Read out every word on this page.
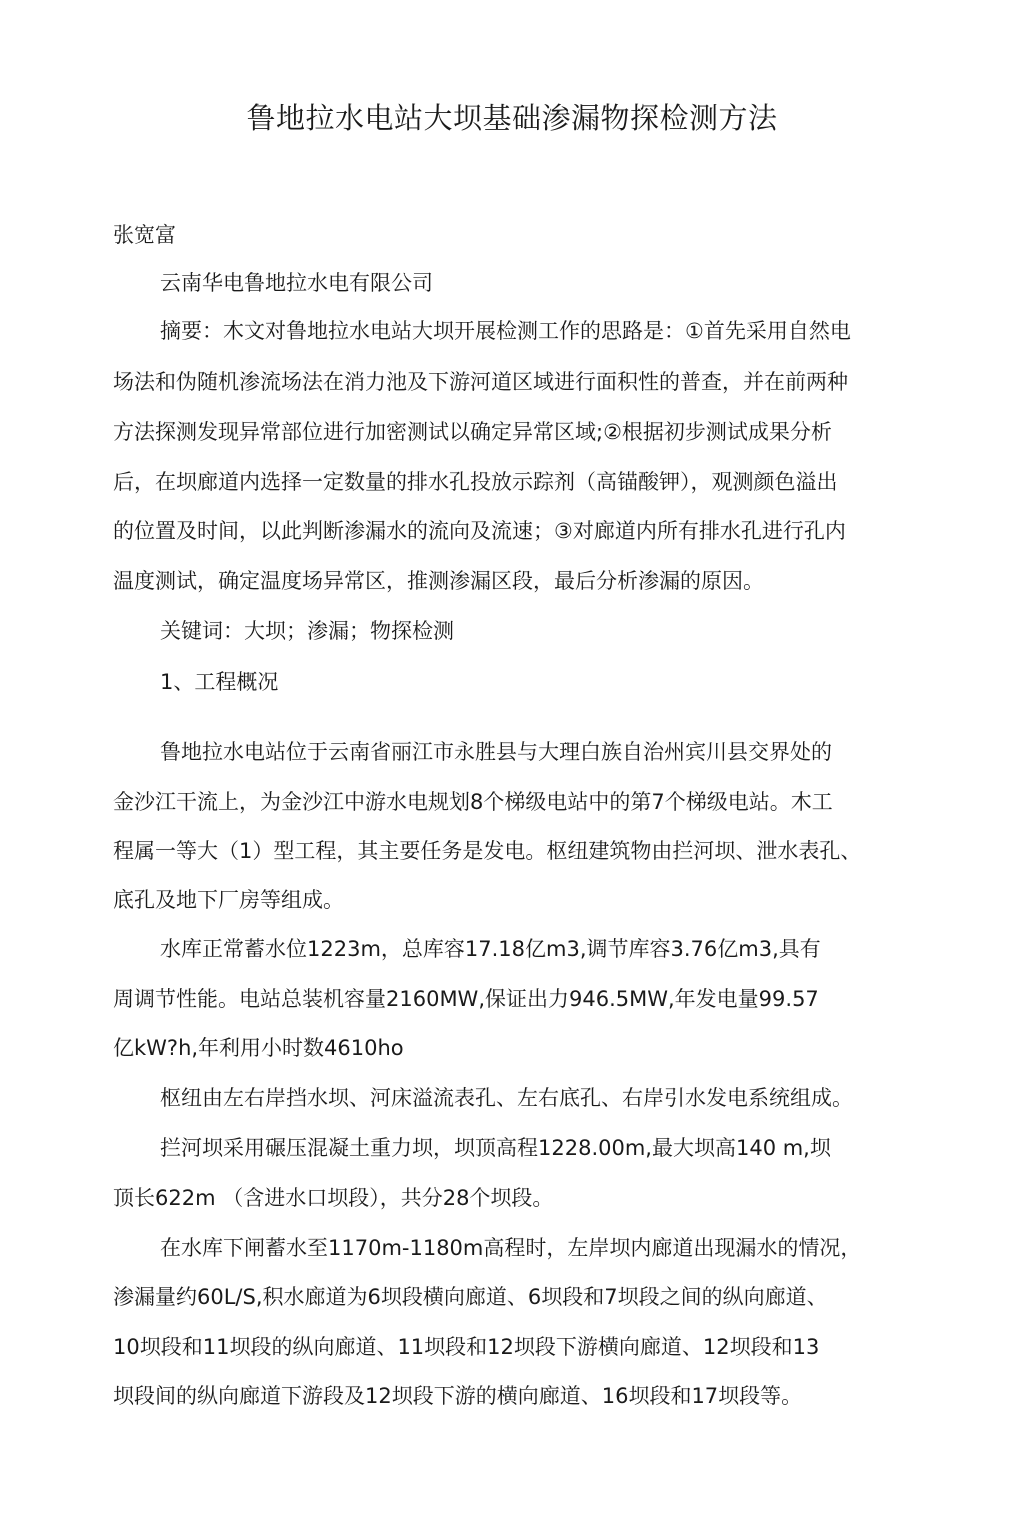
鲁地拉水电站大坝基础渗漏物探检测方法

张宽富

云南华电鲁地拉水电有限公司

摘要：木文对鲁地拉水电站大坝开展检测工作的思路是：①首先采用自然电

场法和伪随机渗流场法在消力池及下游河道区域进行面积性的普查，并在前两种

方法探测发现异常部位进行加密测试以确定异常区域;②根据初步测试成果分析

后，在坝廊道内选择一定数量的排水孔投放示踪剂（高锚酸钾），观测颜色溢出

的位置及时间，以此判断渗漏水的流向及流速；③对廊道内所有排水孔进行孔内

温度测试，确定温度场异常区，推测渗漏区段，最后分析渗漏的原因。

关键词：大坝；渗漏；物探检测

1、工程概况

鲁地拉水电站位于云南省丽江市永胜县与大理白族自治州宾川县交界处的

金沙江干流上，为金沙江中游水电规划8个梯级电站中的第7个梯级电站。木工

程属一等大（1）型工程，其主要任务是发电。枢纽建筑物由拦河坝、泄水表孔、

底孔及地下厂房等组成。

水库正常蓄水位1223m，总库容17.18亿m3,调节库容3.76亿m3,具有

周调节性能。电站总装机容量2160MW,保证出力946.5MW,年发电量99.57

亿kW?h,年利用小时数4610ho

枢纽由左右岸挡水坝、河床溢流表孔、左右底孔、右岸引水发电系统组成。

拦河坝采用碾压混凝土重力坝，坝顶高程1228.00m,最大坝高140 m,坝

顶长622m （含进水口坝段），共分28个坝段。

在水库下闸蓄水至1170m-1180m高程时，左岸坝内廊道出现漏水的情况，

渗漏量约60L/S,积水廊道为6坝段横向廊道、6坝段和7坝段之间的纵向廊道、

10坝段和11坝段的纵向廊道、11坝段和12坝段下游横向廊道、12坝段和13

坝段间的纵向廊道下游段及12坝段下游的横向廊道、16坝段和17坝段等。
